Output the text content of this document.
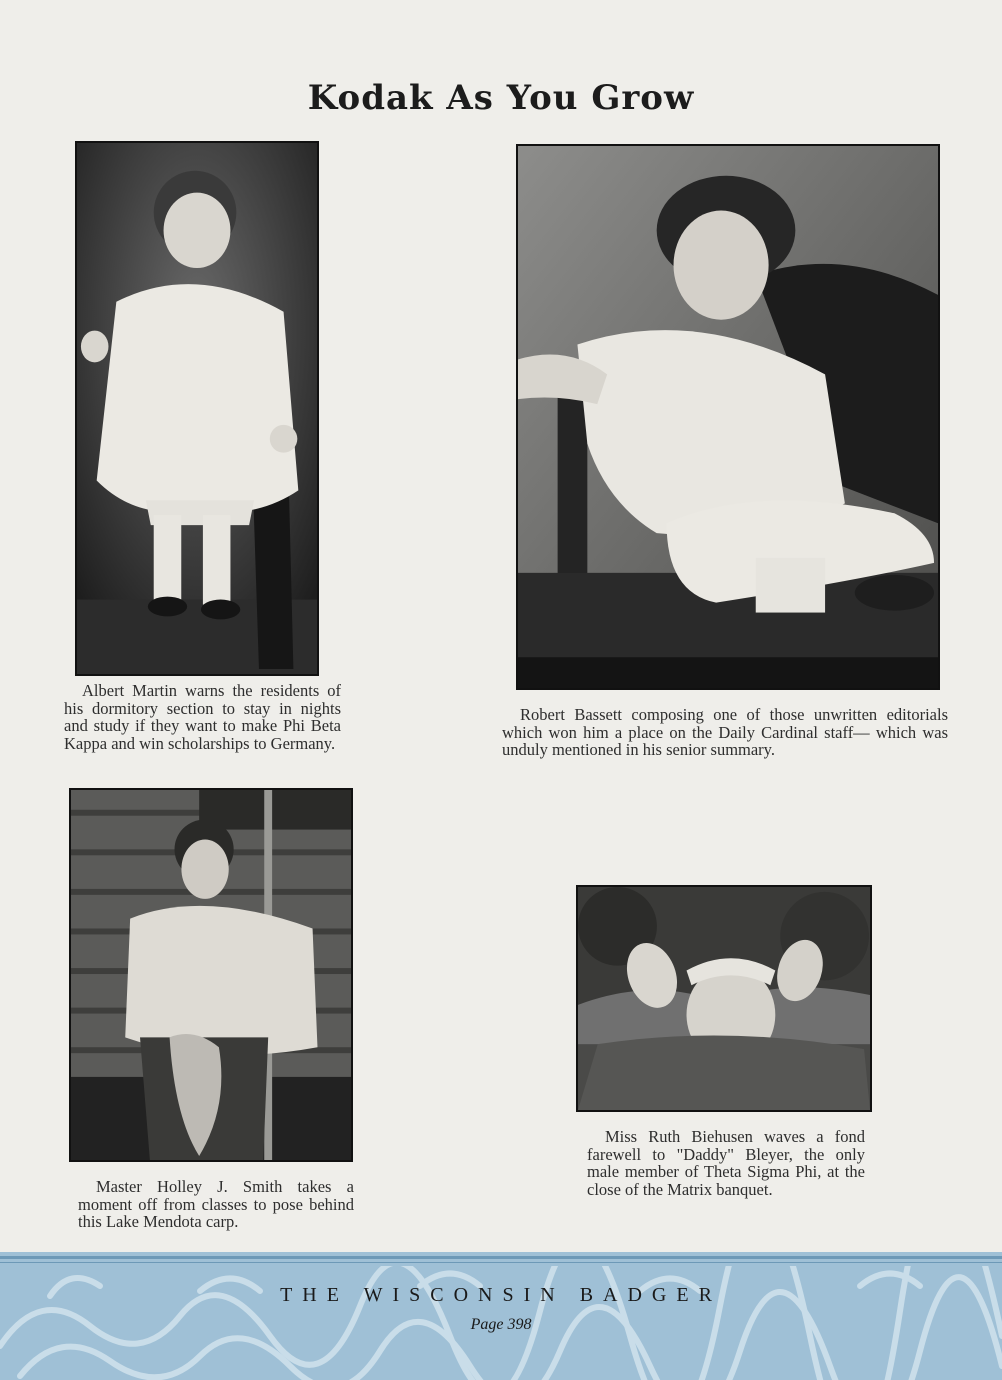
Kodak As You Grow
Albert Martin warns the residents of his dormitory section to stay in nights and study if they want to make Phi Beta Kappa and win scholarships to Germany.
Robert Bassett composing one of those unwritten editorials which won him a place on the Daily Cardinal staff— which was unduly mentioned in his senior summary.
Master Holley J. Smith takes a moment off from classes to pose behind this Lake Mendota carp.
Miss Ruth Biehusen waves a fond farewell to "Daddy" Bleyer, the only male member of Theta Sigma Phi, at the close of the Matrix banquet.
THE WISCONSIN BADGER
Page 398
